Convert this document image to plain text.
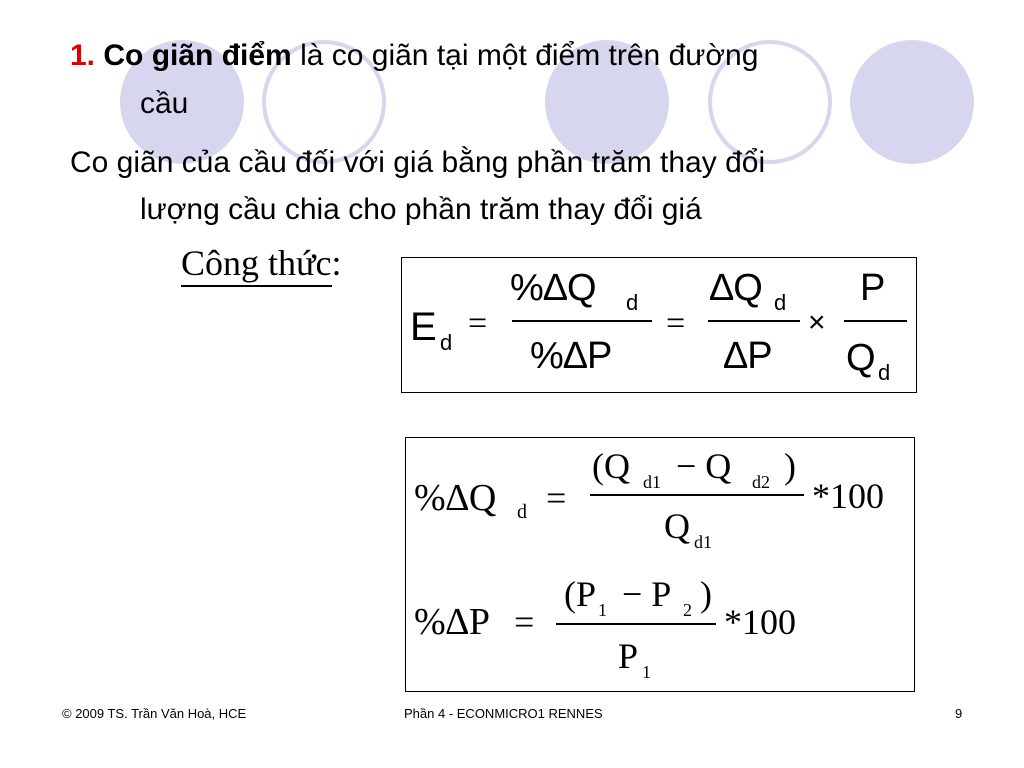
1. Co giãn điểm là co giãn tại một điểm trên đường
cầu
Co giãn của cầu đối với giá bằng phần trăm thay đổi
lượng cầu chia cho phần trăm thay đổi giá
Công thức:
E d
=
%∆Q d
%∆P
=
∆Q d
∆P
×
P
Q d
%∆Q d =
(Q d1 − Q d2 )
Q d1
*100
%∆P =
(P 1 − P 2 )
P 1
*100
© 2009 TS. Trần Văn Hoà, HCE	Phần 4 - ECONMICRO1 RENNES	9
